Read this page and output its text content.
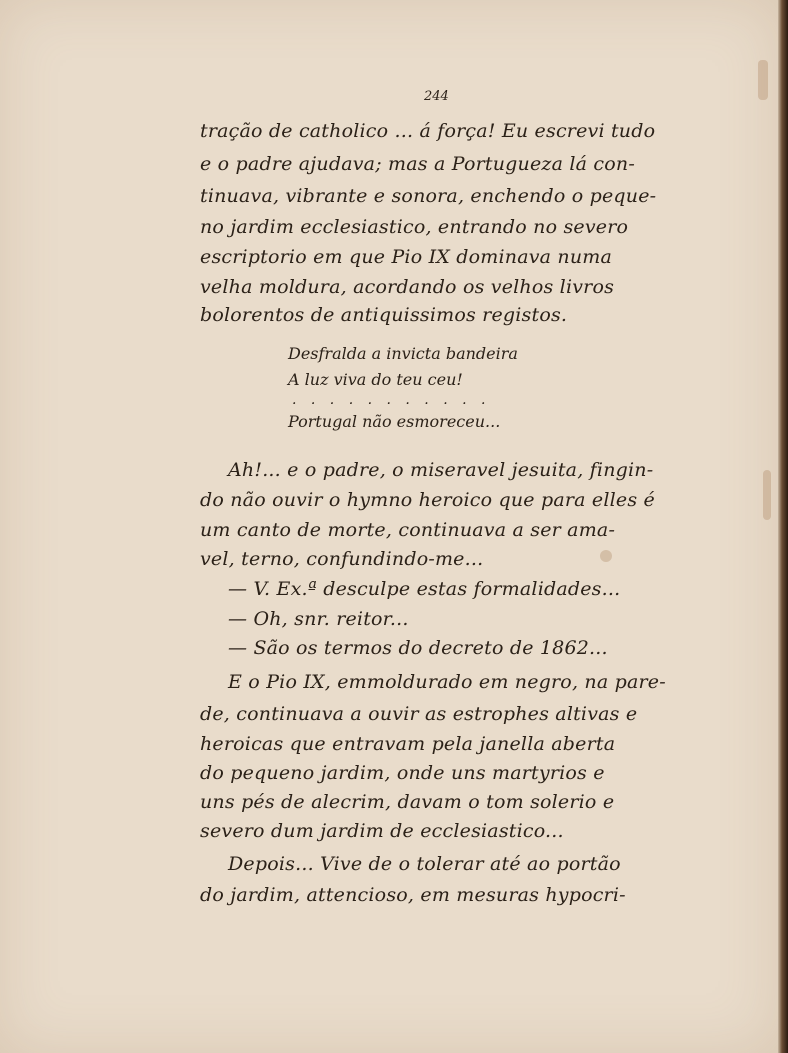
244
tração de catholico ... á força! Eu escrevi tudo
e o padre ajudava; mas a Portugueza lá con-
tinuava, vibrante e sonora, enchendo o peque-
no jardim ecclesiastico, entrando no severo
escriptorio em que Pio IX dominava numa
velha moldura, acordando os velhos livros
bolorentos de antiquissimos registos.
Desfralda a invicta bandeira
A luz viva do teu ceu!
. . . . . . . . . . .
Portugal não esmoreceu...
Ah!... e o padre, o miseravel jesuita, fingin-
do não ouvir o hymno heroico que para elles é
um canto de morte, continuava a ser ama-
vel, terno, confundindo-me...
— V. Ex.ª desculpe estas formalidades...
— Oh, snr. reitor...
— São os termos do decreto de 1862...
E o Pio IX, emmoldurado em negro, na pare-
de, continuava a ouvir as estrophes altivas e
heroicas que entravam pela janella aberta
do pequeno jardim, onde uns martyrios e
uns pés de alecrim, davam o tom solerio e
severo dum jardim de ecclesiastico...
Depois... Vive de o tolerar até ao portão
do jardim, attencioso, em mesuras hypocri-
